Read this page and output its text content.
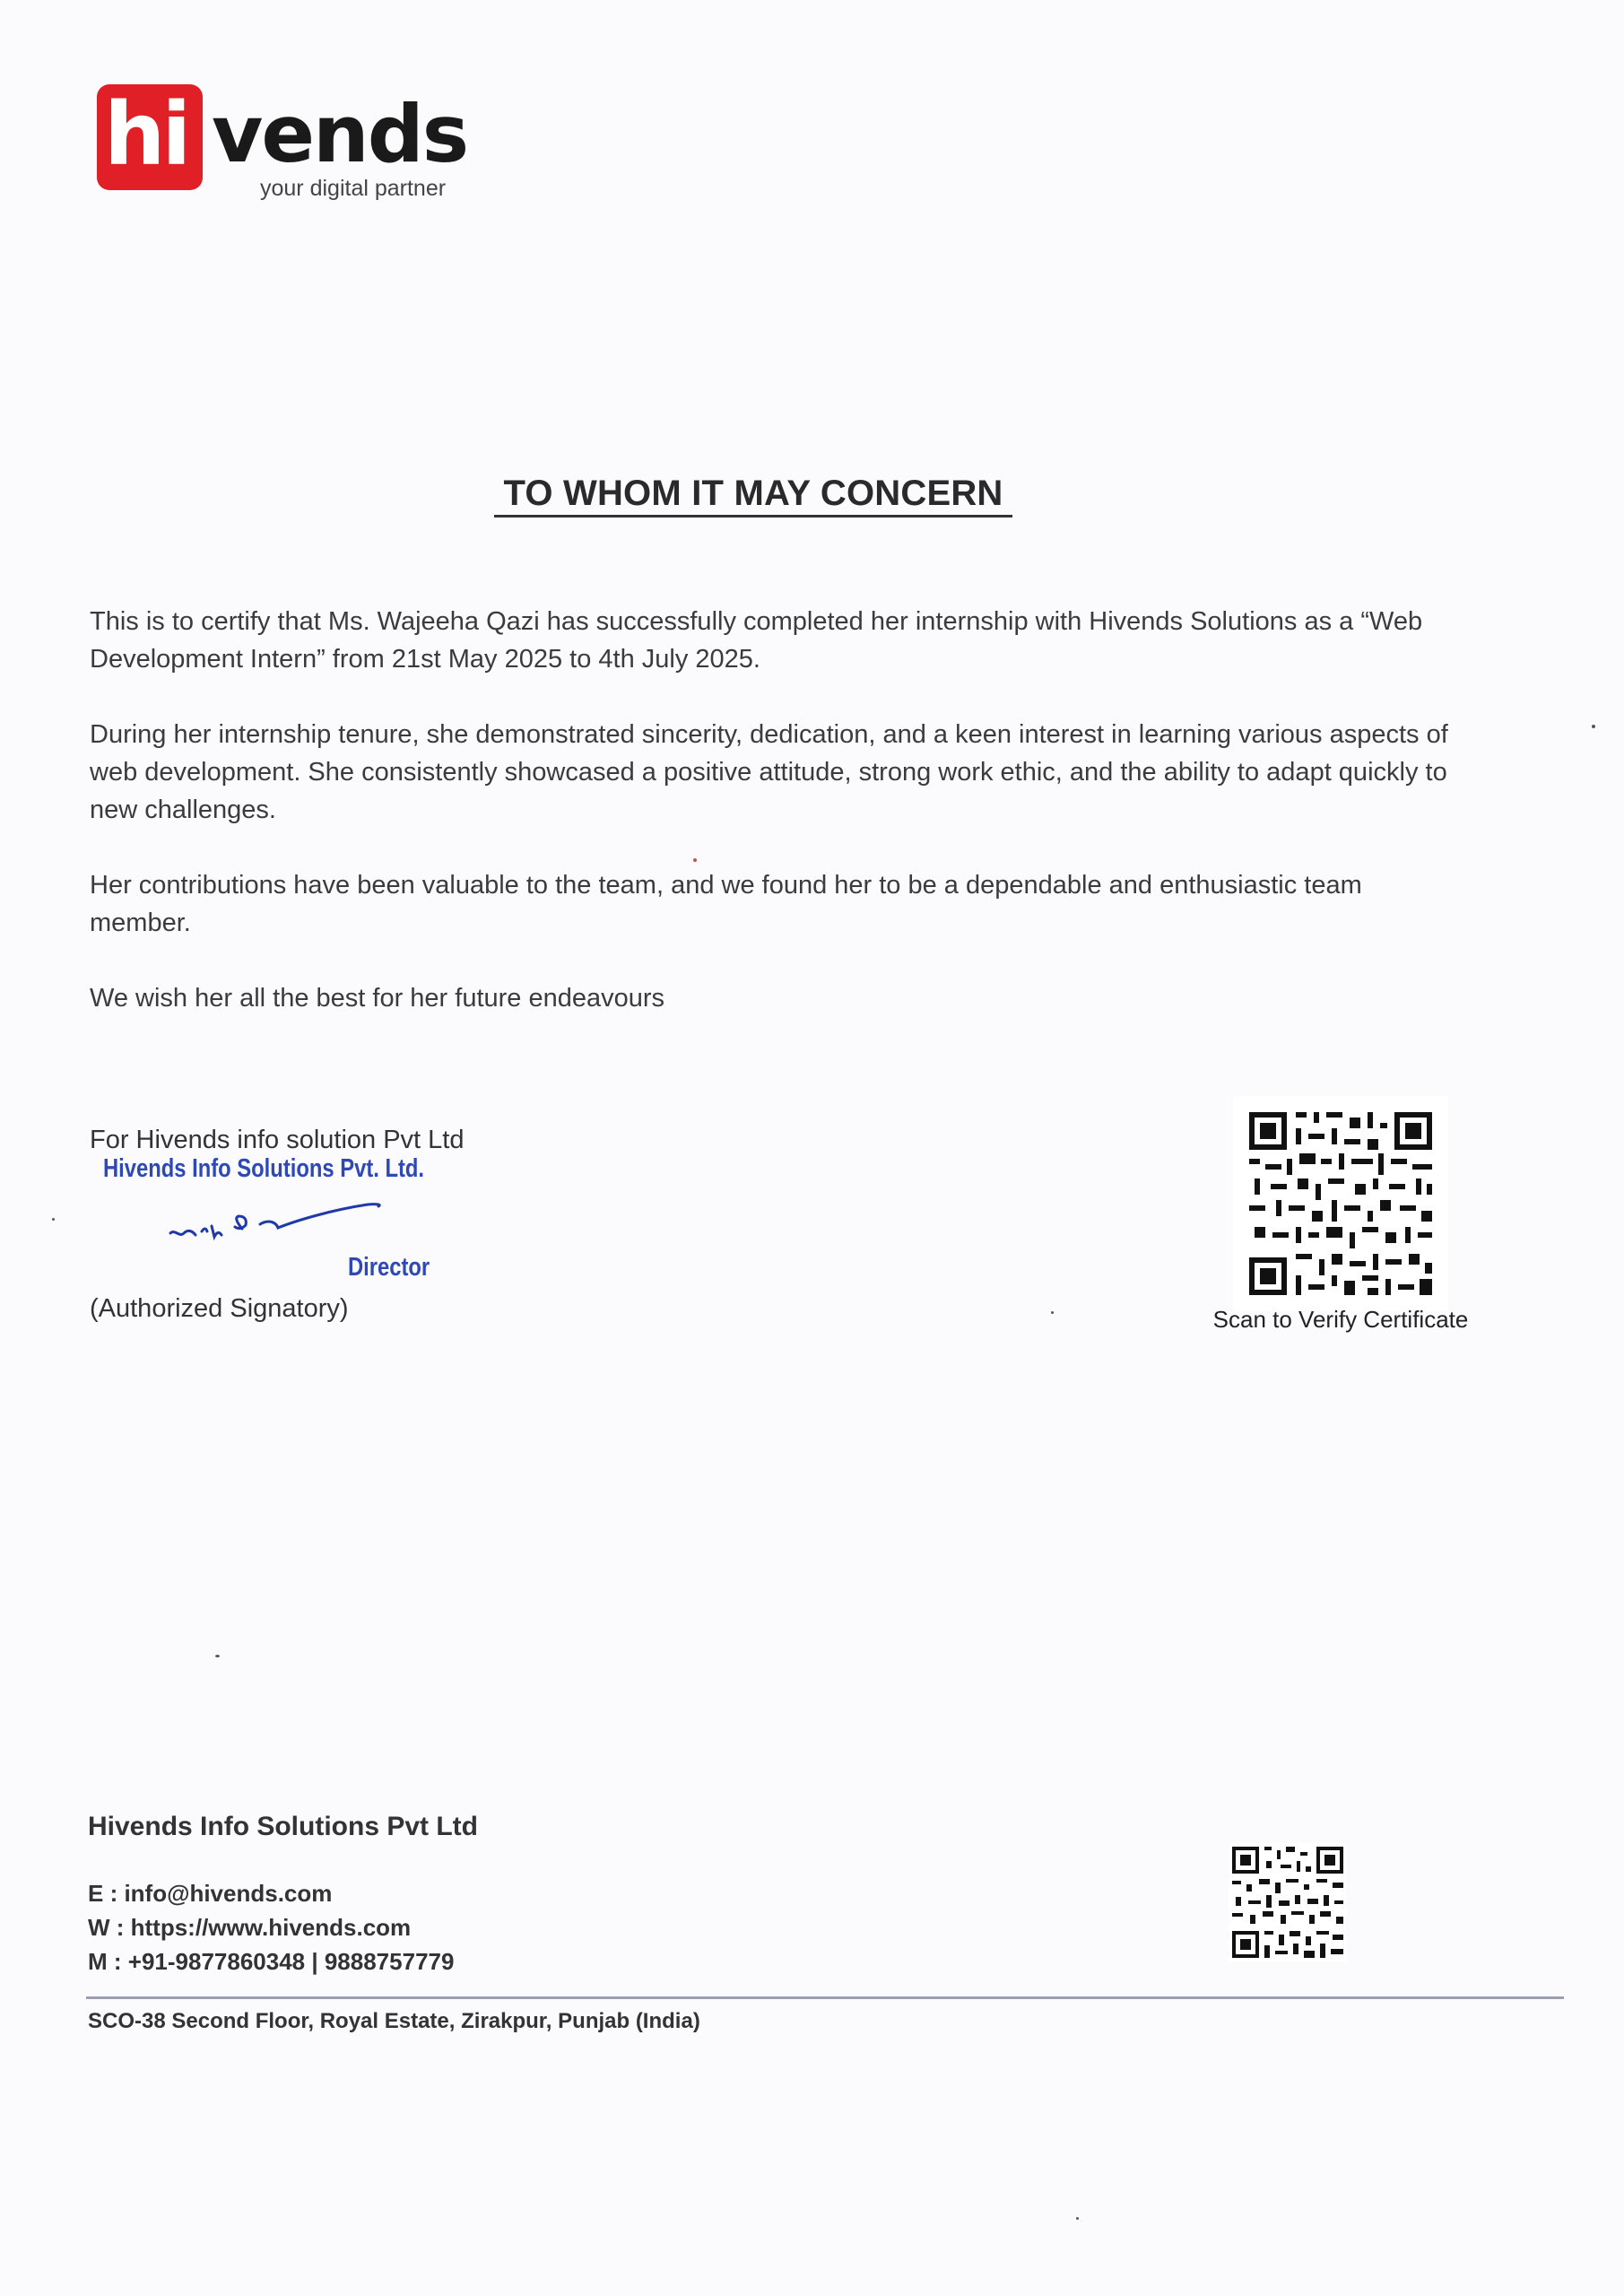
hi vends
your digital partner
TO WHOM IT MAY CONCERN

This is to certify that Ms. Wajeeha Qazi has successfully completed her internship with Hivends Solutions as a “Web Development Intern” from 21st May 2025 to 4th July 2025.

During her internship tenure, she demonstrated sincerity, dedication, and a keen interest in learning various aspects of web development. She consistently showcased a positive attitude, strong work ethic, and the ability to adapt quickly to new challenges.

Her contributions have been valuable to the team, and we found her to be a dependable and enthusiastic team member.

We wish her all the best for her future endeavours

For Hivends info solution Pvt Ltd
Hivends Info Solutions Pvt. Ltd.
Director
(Authorized Signatory)	Scan to Verify Certificate
Hivends Info Solutions Pvt Ltd
E : info@hivends.com
W : https://www.hivends.com
M : +91-9877860348 | 9888757779
SCO-38 Second Floor, Royal Estate, Zirakpur, Punjab (India)
